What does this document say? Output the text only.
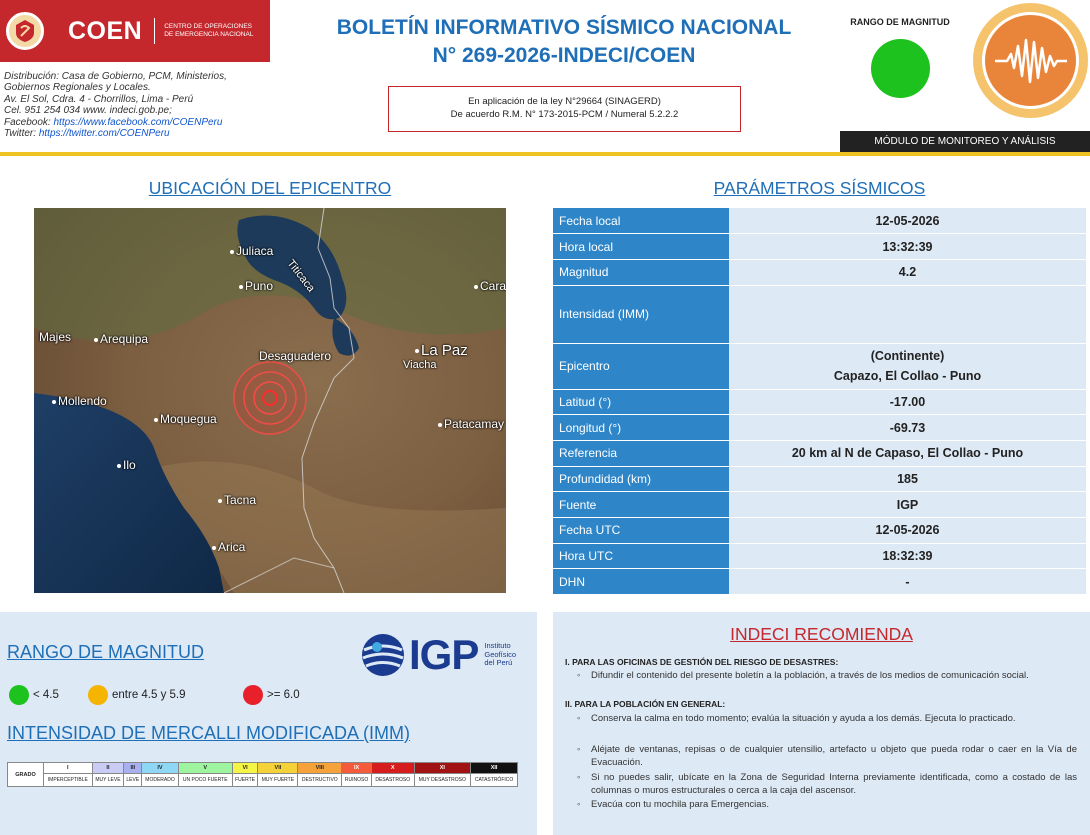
COEN	CENTRO DE OPERACIONES DE EMERGENCIA NACIONAL
Distribución: Casa de Gobierno, PCM, Ministerios,
Gobiernos Regionales y Locales.
Av. El Sol, Cdra. 4 - Chorrillos, Lima - Perú
Cel. 951 254 034 www. indeci.gob.pe;
Facebook: https://www.facebook.com/COENPeru
Twitter: https://twitter.com/COENPeru
BOLETÍN INFORMATIVO SÍSMICO NACIONAL
N° 269-2026-INDECI/COEN
En aplicación de la ley N°29664 (SINAGERD)
De acuerdo R.M. N° 173-2015-PCM / Numeral 5.2.2.2
RANGO DE MAGNITUD
MÓDULO DE MONITOREO Y ANÁLISIS
UBICACIÓN DEL EPICENTRO
Juliaca
Puno Titicaca	Cara
Majes	Arequipa
Desaguadero	La Paz
Viacha
Mollendo
Moquegua	Patacamay
Ilo
Tacna
Arica
PARÁMETROS SÍSMICOS
Fecha local	12-05-2026
Hora local	13:32:39
Magnitud	4.2
Intensidad (IMM)	
Epicentro	(Continente)
Capazo, El Collao - Puno

Latitud (°)	-17.00
Longitud (°)	-69.73
Referencia	20 km al N de Capaso, El Collao - Puno
Profundidad (km)	185
Fuente	IGP
Fecha UTC	12-05-2026
Hora UTC	18:32:39
DHN	-
RANGO DE MAGNITUD	IGP Instituto
Geofísico
del Perú
< 4.5	entre 4.5 y 5.9	>= 6.0
INTENSIDAD DE MERCALLI MODIFICADA (IMM)
GRADO	I	II	III	IV	V	VI	VII	VIII	IX	X	XI	XII
	IMPERCEPTIBLE	MUY LEVE	LEVE	MODERADO	UN POCO FUERTE	FUERTE	MUY FUERTE	DESTRUCTIVO	RUINOSO	DESASTROSO	MUY DESASTROSO	CATASTRÓFICO
INDECI RECOMIENDA
I. PARA LAS OFICINAS DE GESTIÓN DEL RIESGO DE DESASTRES:
◦ Difundir el contenido del presente boletín a la población, a través de los medios de comunicación social.
II. PARA LA POBLACIÓN EN GENERAL:
◦ Conserva la calma en todo momento; evalúa la situación y ayuda a los demás. Ejecuta lo practicado.
◦ Aléjate de ventanas, repisas o de cualquier utensilio, artefacto u objeto que pueda rodar o caer en la Vía de Evacuación.
◦ Si no puedes salir, ubícate en la Zona de Seguridad Interna previamente identificada, como a costado de las columnas o muros estructurales o cerca a la caja del ascensor.
◦ Evacúa con tu mochila para Emergencias.
